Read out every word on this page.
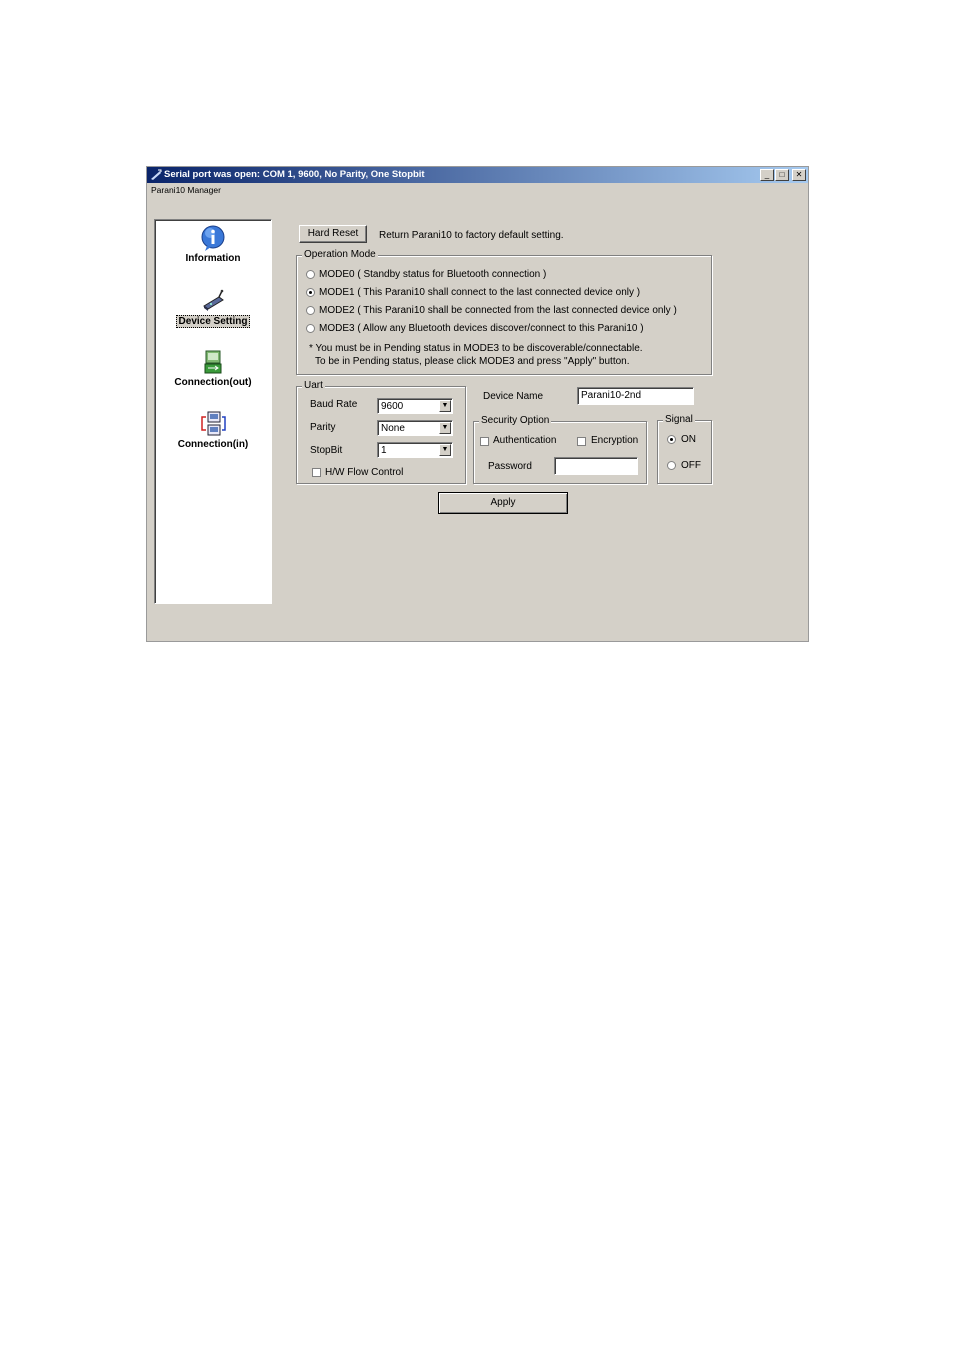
Serial port was open: COM 1, 9600, No Parity, One Stopbit	_	□	✕
Parani10 Manager
Information
Device Setting
Connection(out)
Connection(in)
Hard Reset	Return Parani10 to factory default setting.
Operation Mode
MODE0 ( Standby status for Bluetooth connection )
MODE1 ( This Parani10 shall connect to the last connected device only )
MODE2 ( This Parani10 shall be connected from the last connected device only )
MODE3 ( Allow any Bluetooth devices discover/connect to this Parani10 )
* You must be in Pending status in MODE3 to be discoverable/connectable.
To be in Pending status, please click MODE3 and press "Apply" button.
Uart
Baud Rate 9600	▼
Parity	None	▼
StopBit	1	▼
H/W Flow Control
Device Name	Parani10-2nd
Security Option
Authentication	Encryption
Password
Signal
ON
OFF
Apply
